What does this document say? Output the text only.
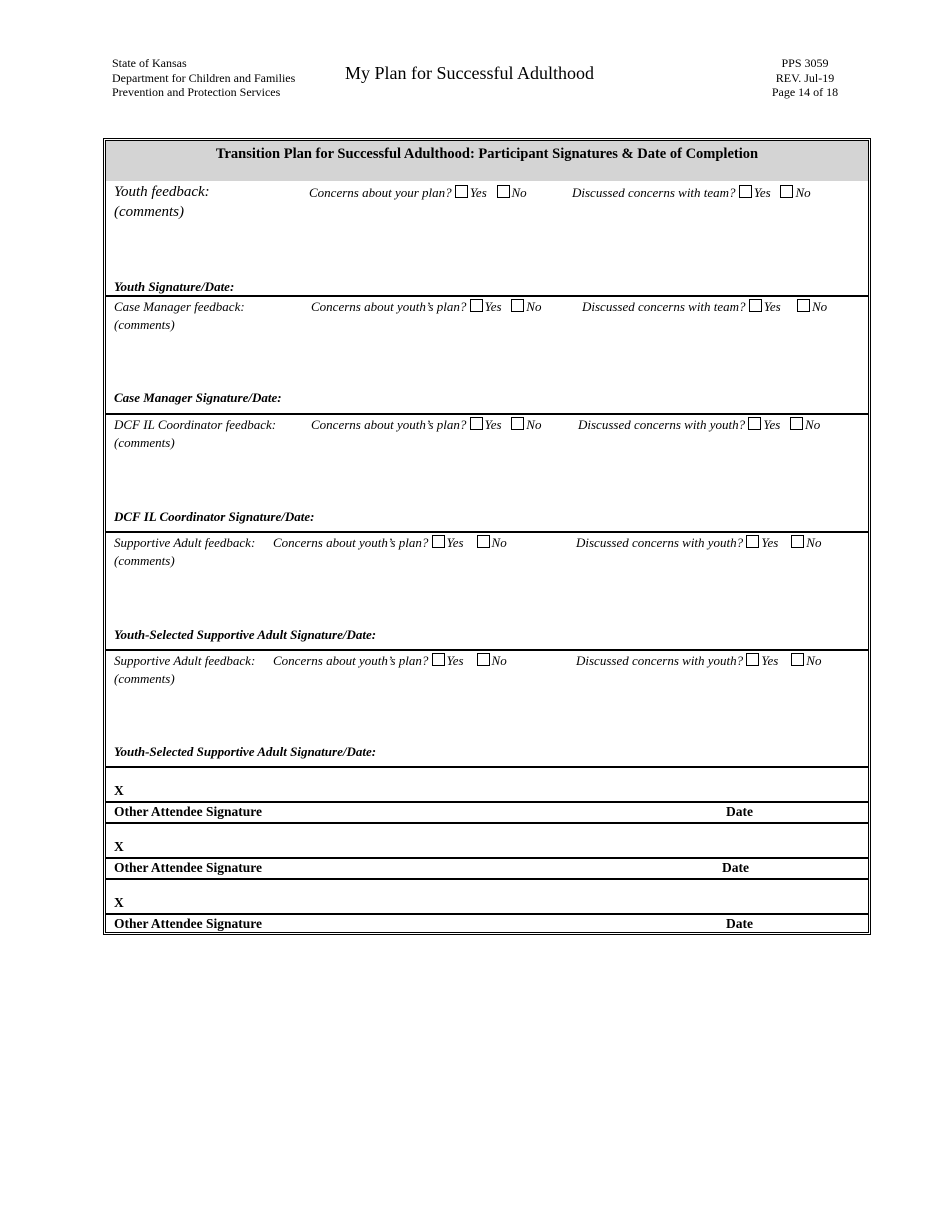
State of Kansas
Department for Children and Families
Prevention and Protection Services
My Plan for Successful Adulthood	PPS 3059
REV. Jul-19
Page 14 of 18
Transition Plan for Successful Adulthood: Participant Signatures & Date of Completion
Youth feedback:
(comments)
Concerns about your plan? Yes No	Discussed concerns with team? Yes No
Youth Signature/Date:
Case Manager feedback:
(comments)
Concerns about youth’s plan? Yes No	Discussed concerns with team? Yes No
Case Manager Signature/Date:
DCF IL Coordinator feedback:
(comments)
Concerns about youth’s plan? Yes No	Discussed concerns with youth? Yes No
DCF IL Coordinator Signature/Date:
Supportive Adult feedback:
(comments)
Concerns about youth’s plan? Yes No	Discussed concerns with youth? Yes No
Youth-Selected Supportive Adult Signature/Date:
Supportive Adult feedback:
(comments)
Concerns about youth’s plan? Yes No	Discussed concerns with youth? Yes No
Youth-Selected Supportive Adult Signature/Date:
X
Other Attendee Signature	Date
X
Other Attendee Signature	Date
X
Other Attendee Signature	Date
